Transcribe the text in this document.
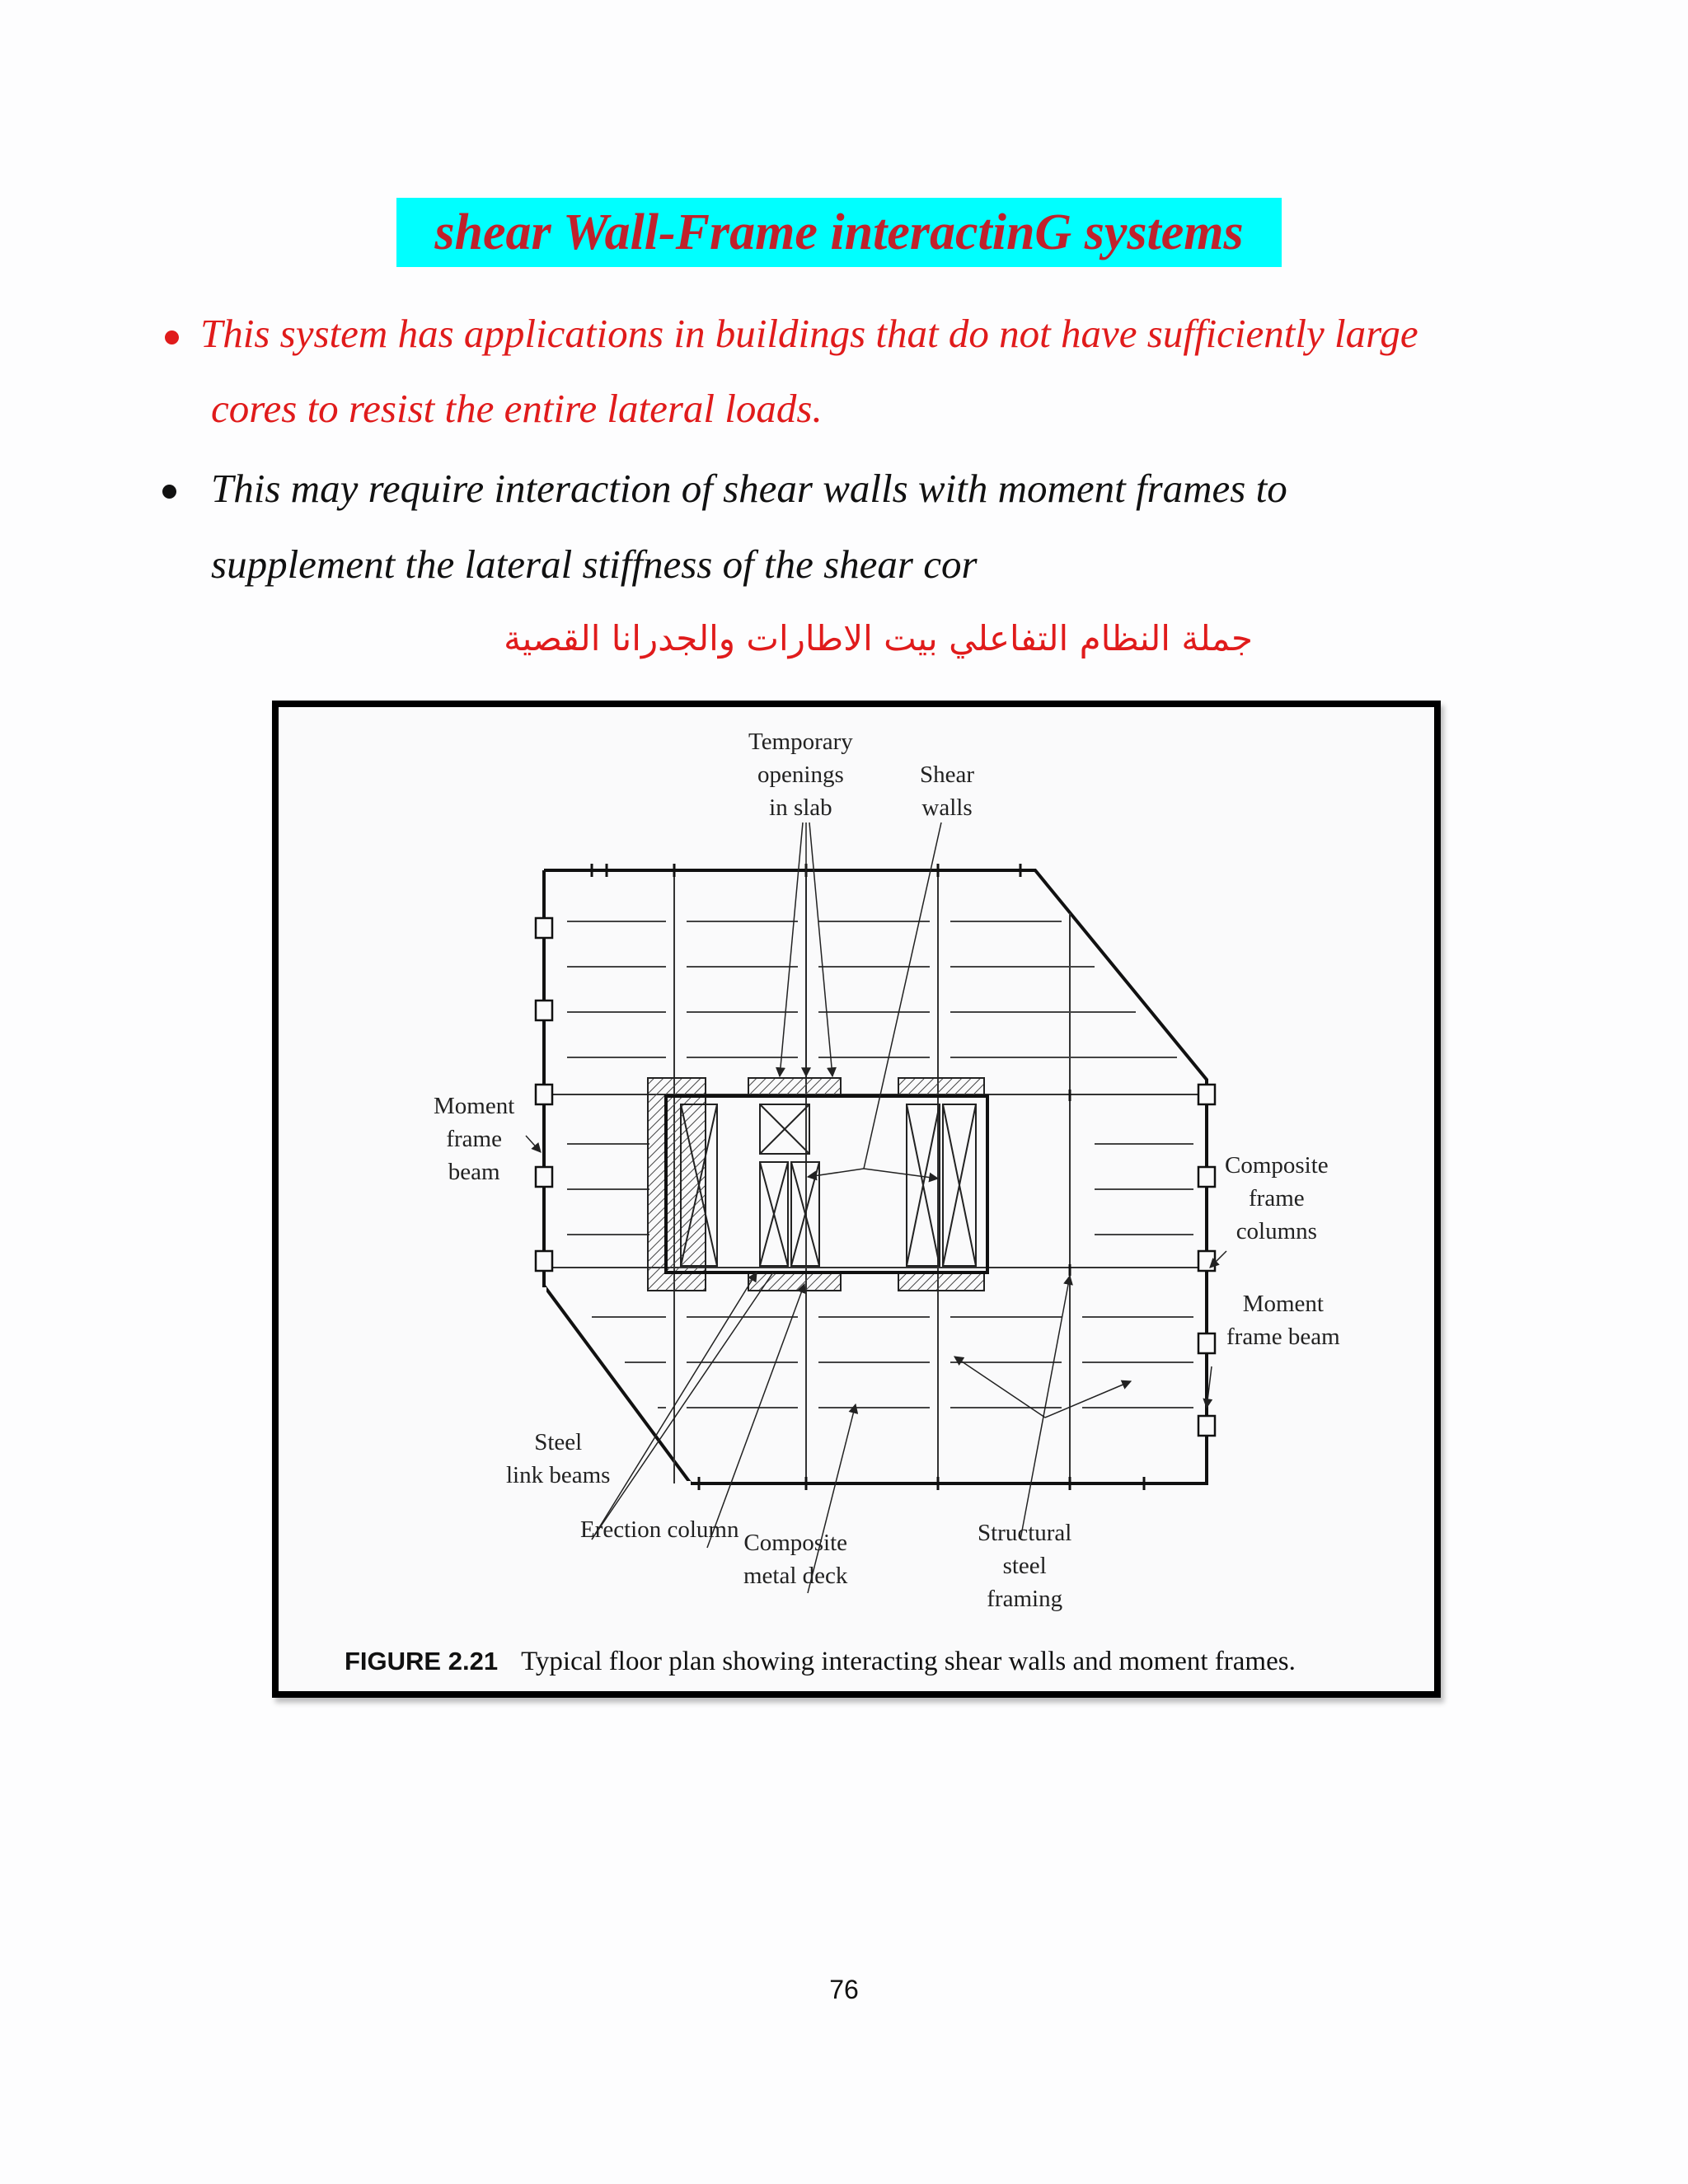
shear Wall-Frame interactinG systems
This system has applications in buildings that do not have sufficiently large
cores to resist the entire lateral loads.
This may require interaction of shear walls with moment frames to
supplement the lateral stiffness of the shear cor
جملة النظام التفاعلي بيت الاطارات والجدرانا القصية
Temporary
openings
in slab
Shear
walls
Moment
frame
beam	Composite
frame
columns
Moment
frame beam
Steel
link beams
Erection column Composite
metal deck
Structural
steel
framing
FIGURE 2.21 Typical floor plan showing interacting shear walls and moment frames.
76
